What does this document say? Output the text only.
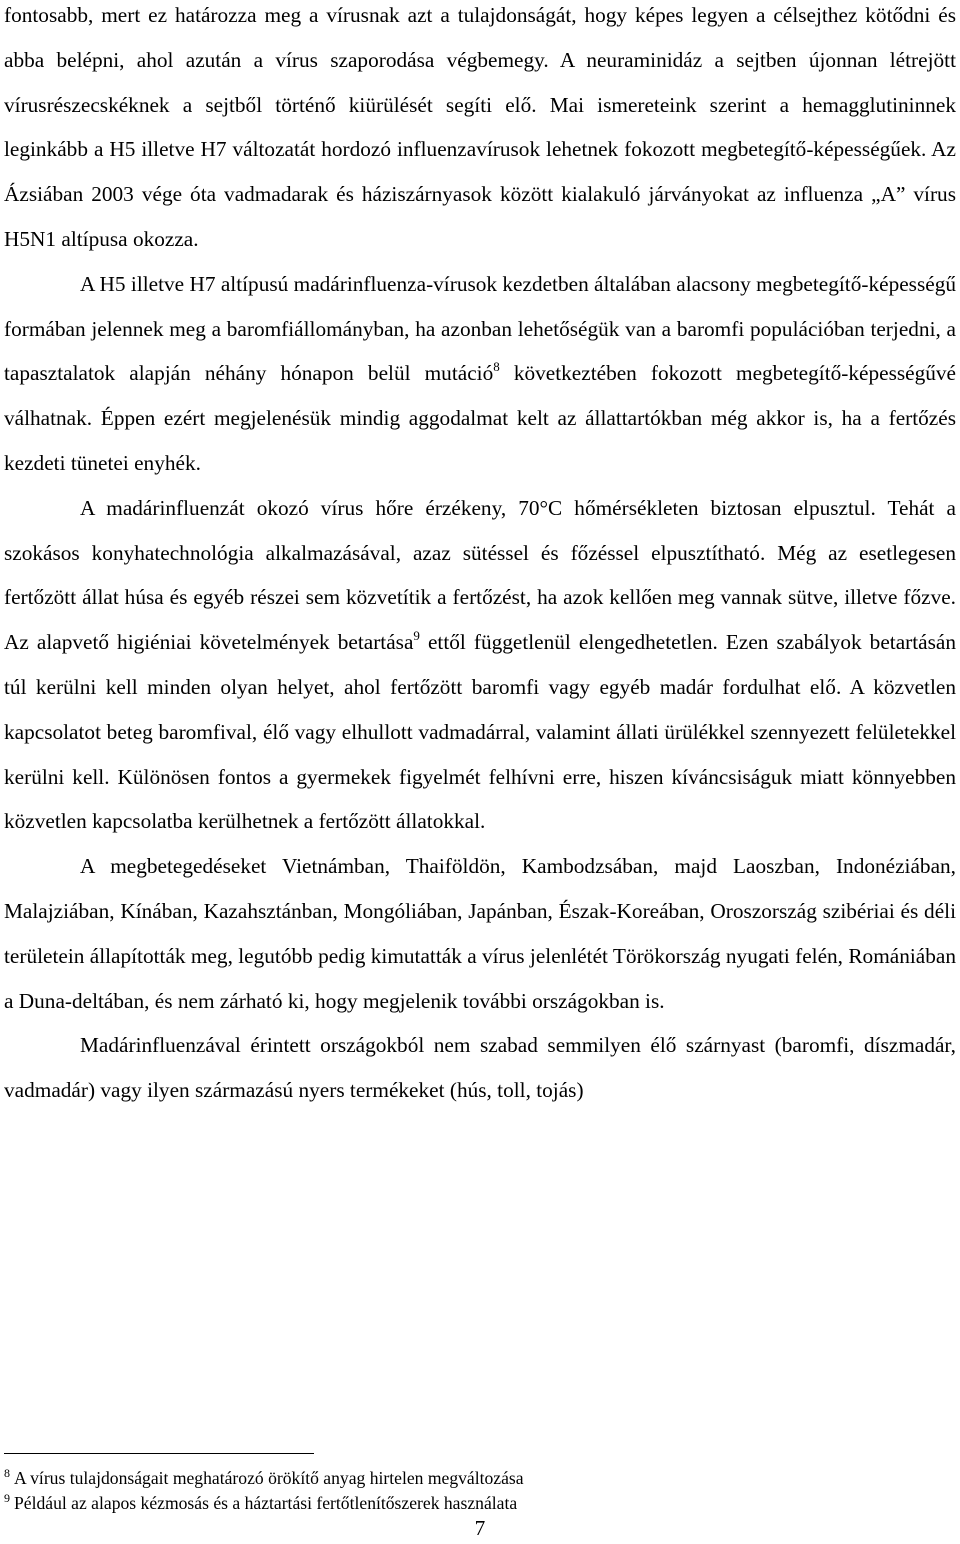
fontosabb, mert ez határozza meg a vírusnak azt a tulajdonságát, hogy képes legyen a célsejthez kötődni és abba belépni, ahol azután a vírus szaporodása végbemegy. A neuraminidáz a sejtben újonnan létrejött vírusrészecskéknek a sejtből történő kiürülését segíti elő. Mai ismereteink szerint a hemagglutininnek leginkább a H5 illetve H7 változatát hordozó influenzavírusok lehetnek fokozott megbetegítő-képességűek. Az Ázsiában 2003 vége óta vadmadarak és háziszárnyasok között kialakuló járványokat az influenza „A” vírus H5N1 altípusa okozza.

A H5 illetve H7 altípusú madárinfluenza-vírusok kezdetben általában alacsony megbetegítő-képességű formában jelennek meg a baromfiállományban, ha azonban lehetőségük van a baromfi populációban terjedni, a tapasztalatok alapján néhány hónapon belül mutáció$^8$ következtében fokozott megbetegítő-képességűvé válhatnak. Éppen ezért megjelenésük mindig aggodalmat kelt az állattartókban még akkor is, ha a fertőzés kezdeti tünetei enyhék.

A madárinfluenzát okozó vírus hőre érzékeny, 70°C hőmérsékleten biztosan elpusztul. Tehát a szokásos konyhatechnológia alkalmazásával, azaz sütéssel és főzéssel elpusztítható. Még az esetlegesen fertőzött állat húsa és egyéb részei sem közvetítik a fertőzést, ha azok kellően meg vannak sütve, illetve főzve. Az alapvető higiéniai követelmények betartása$^9$ ettől függetlenül elengedhetetlen. Ezen szabályok betartásán túl kerülni kell minden olyan helyet, ahol fertőzött baromfi vagy egyéb madár fordulhat elő. A közvetlen kapcsolatot beteg baromfival, élő vagy elhullott vadmadárral, valamint állati ürülékkel szennyezett felületekkel kerülni kell. Különösen fontos a gyermekek figyelmét felhívni erre, hiszen kíváncsiságuk miatt könnyebben közvetlen kapcsolatba kerülhetnek a fertőzött állatokkal.

A megbetegedéseket Vietnámban, Thaiföldön, Kambodzsában, majd Laoszban, Indonéziában, Malajziában, Kínában, Kazahsztánban, Mongóliában, Japánban, Észak-Koreában, Oroszország szibériai és déli területein állapították meg, legutóbb pedig kimutatták a vírus jelenlétét Törökország nyugati felén, Romániában a Duna-deltában, és nem zárható ki, hogy megjelenik további országokban is.

Madárinfluenzával érintett országokból nem szabad semmilyen élő szárnyast (baromfi, díszmadár, vadmadár) vagy ilyen származású nyers termékeket (hús, toll, tojás)

$^8$ A vírus tulajdonságait meghatározó örökítő anyag hirtelen megváltozása

$^9$ Például az alapos kézmosás és a háztartási fertőtlenítőszerek használata

7
